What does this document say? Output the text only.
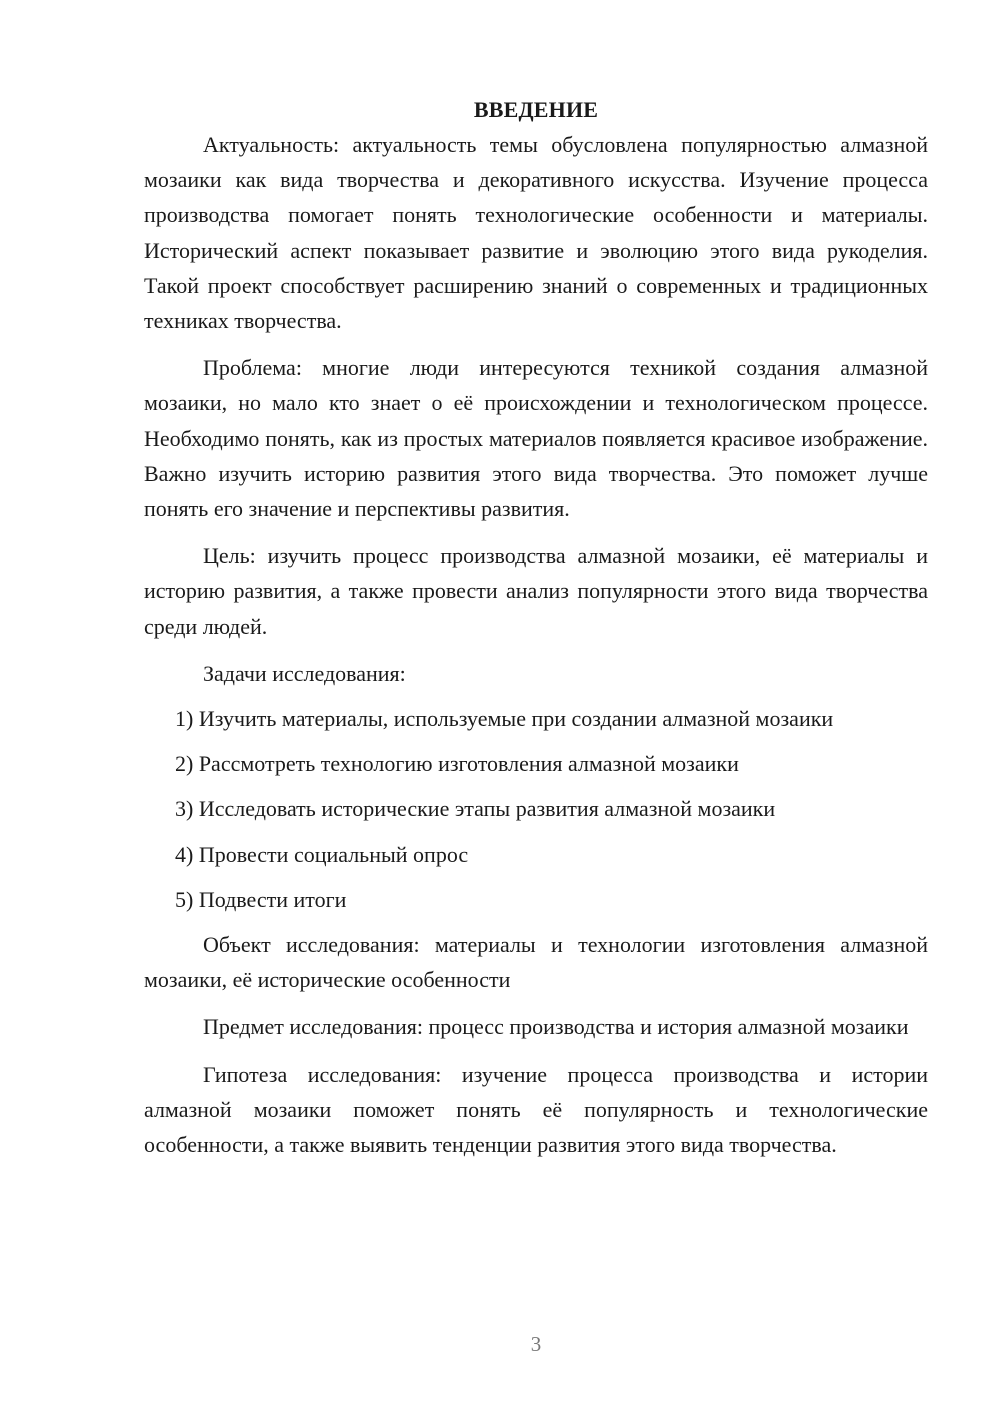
ВВЕДЕНИЕ

Актуальность: актуальность темы обусловлена популярностью алмазной мозаики как вида творчества и декоративного искусства. Изучение процесса производства помогает понять технологические особенности и материалы. Исторический аспект показывает развитие и эволюцию этого вида рукоделия. Такой проект способствует расширению знаний о современных и традиционных техниках творчества.

Проблема: многие люди интересуются техникой создания алмазной мозаики, но мало кто знает о её происхождении и технологическом процессе. Необходимо понять, как из простых материалов появляется красивое изображение. Важно изучить историю развития этого вида творчества. Это поможет лучше понять его значение и перспективы развития.

Цель: изучить процесс производства алмазной мозаики, её материалы и историю развития, а также провести анализ популярности этого вида творчества среди людей.

Задачи исследования:

1) Изучить материалы, используемые при создании алмазной мозаики

2) Рассмотреть технологию изготовления алмазной мозаики

3) Исследовать исторические этапы развития алмазной мозаики

4) Провести социальный опрос

5) Подвести итоги

Объект исследования: материалы и технологии изготовления алмазной мозаики, её исторические особенности

Предмет исследования: процесс производства и история алмазной мозаики

Гипотеза исследования: изучение процесса производства и истории алмазной мозаики поможет понять её популярность и технологические особенности, а также выявить тенденции развития этого вида творчества.

3
